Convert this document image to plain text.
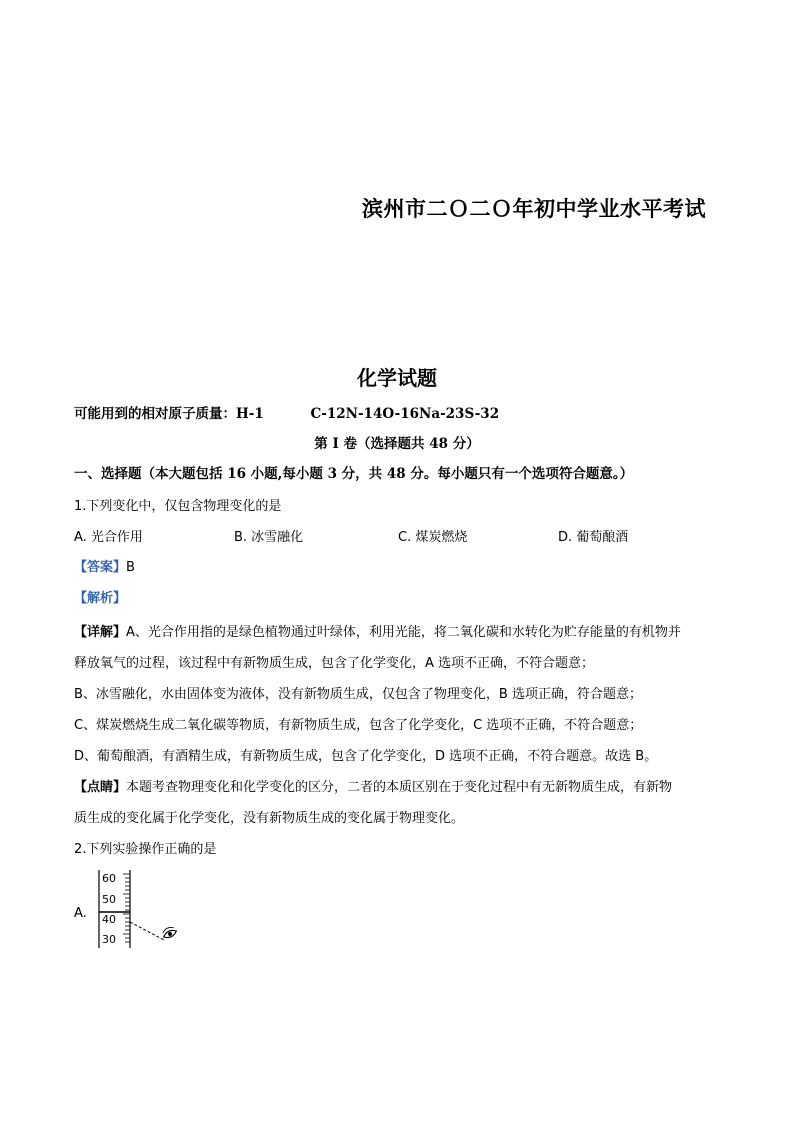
滨州市二Ｏ二Ｏ年初中学业水平考试
化学试题
可能用到的相对原子质量：H-1	C-12N-14O-16Na-23S-32
第 I 卷（选择题共 48 分）
一、选择题（本大题包括 16 小题,每小题 3 分，共 48 分。每小题只有一个选项符合题意。）
1.下列变化中，仅包含物理变化的是
A. 光合作用	B. 冰雪融化	C. 煤炭燃烧	D. 葡萄酿酒
【答案】B
【解析】
【详解】A、光合作用指的是绿色植物通过叶绿体，利用光能，将二氧化碳和水转化为贮存能量的有机物并
释放氧气的过程，该过程中有新物质生成，包含了化学变化，A 选项不正确，不符合题意；
B、冰雪融化，水由固体变为液体，没有新物质生成，仅包含了物理变化，B 选项正确，符合题意；
C、煤炭燃烧生成二氧化碳等物质，有新物质生成，包含了化学变化，C 选项不正确，不符合题意；
D、葡萄酿酒，有酒精生成，有新物质生成，包含了化学变化，D 选项不正确，不符合题意。故选 B。
【点睛】本题考查物理变化和化学变化的区分，二者的本质区别在于变化过程中有无新物质生成，有新物
质生成的变化属于化学变化，没有新物质生成的变化属于物理变化。
2.下列实验操作正确的是
A.
60
50
40
30
